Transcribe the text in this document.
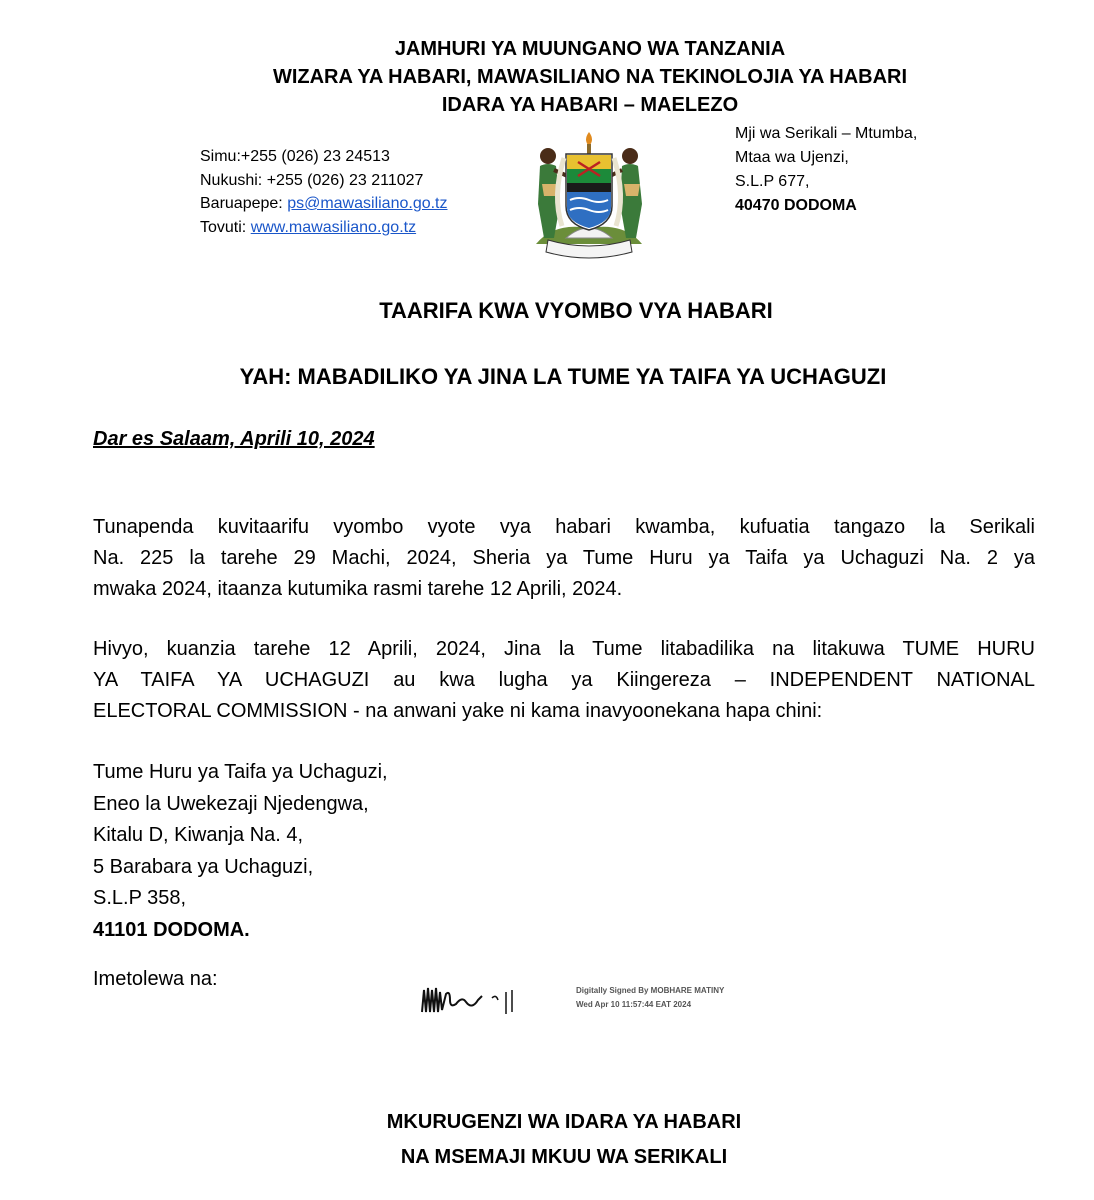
JAMHURI YA MUUNGANO WA TANZANIA
WIZARA YA HABARI, MAWASILIANO NA TEKINOLOJIA YA HABARI
IDARA YA HABARI – MAELEZO
Simu:+255 (026) 23 24513
Nukushi: +255 (026) 23 211027
Baruapepe: ps@mawasiliano.go.tz
Tovuti: www.mawasiliano.go.tz
Mji wa Serikali – Mtumba,
Mtaa wa Ujenzi,
S.L.P 677,
40470 DODOMA
TAARIFA KWA VYOMBO VYA HABARI
YAH: MABADILIKO YA JINA LA TUME YA TAIFA YA UCHAGUZI
Dar es Salaam, Aprili 10, 2024
Tunapenda kuvitaarifu vyombo vyote vya habari kwamba, kufuatia tangazo la Serikali
Na. 225 la tarehe 29 Machi, 2024, Sheria ya Tume Huru ya Taifa ya Uchaguzi Na. 2 ya
mwaka 2024, itaanza kutumika rasmi tarehe 12 Aprili, 2024.
Hivyo, kuanzia tarehe 12 Aprili, 2024, Jina la Tume litabadilika na litakuwa TUME HURU
YA TAIFA YA UCHAGUZI au kwa lugha ya Kiingereza – INDEPENDENT NATIONAL
ELECTORAL COMMISSION - na anwani yake ni kama inavyoonekana hapa chini:
Tume Huru ya Taifa ya Uchaguzi,
Eneo la Uwekezaji Njedengwa,
Kitalu D, Kiwanja Na. 4,
5 Barabara ya Uchaguzi,
S.L.P 358,
41101 DODOMA.
Imetolewa na:
Digitally Signed By MOBHARE MATINY
Wed Apr 10 11:57:44 EAT 2024
MKURUGENZI WA IDARA YA HABARI
NA MSEMAJI MKUU WA SERIKALI
